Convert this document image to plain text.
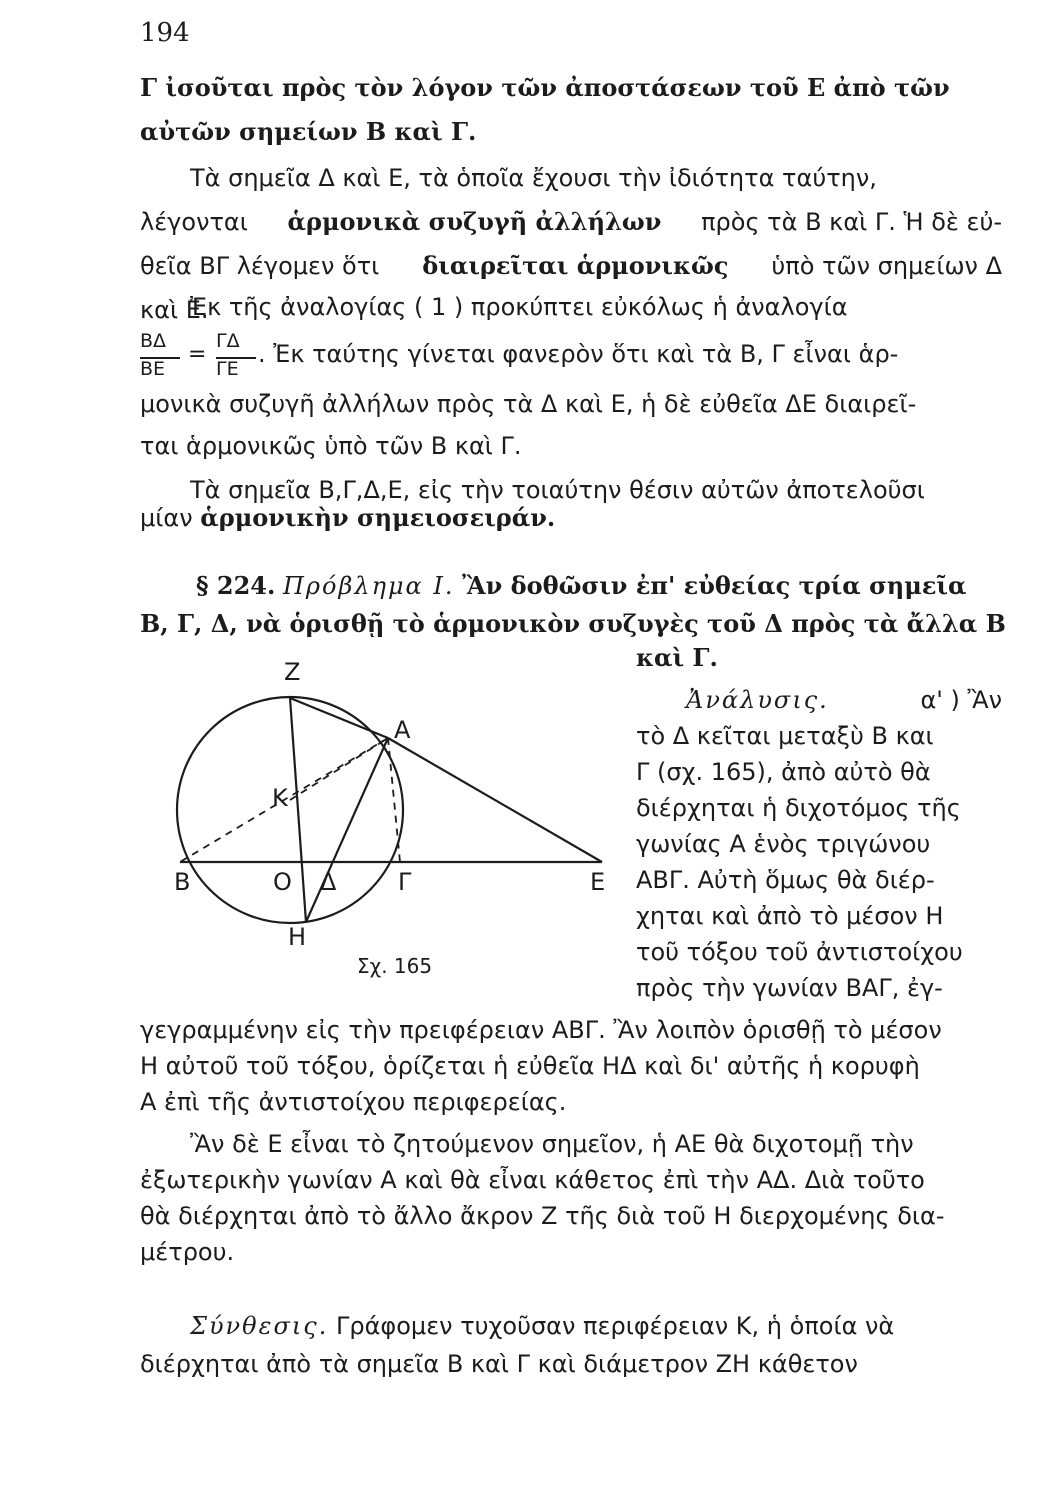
194
Γ ἰσοῦται πρὸς τὸν λόγον τῶν ἀποστάσεων τοῦ Ε ἀπὸ τῶν
αὐτῶν σημείων Β καὶ Γ.
Τὰ σημεῖα Δ καὶ Ε, τὰ ὁποῖα ἔχουσι τὴν ἰδιότητα ταύτην,
λέγονται ἁρμονικὰ συζυγῆ ἀλλήλων πρὸς τὰ Β καὶ Γ. Ἡ δὲ εὐ-
θεῖα ΒΓ λέγομεν ὅτι διαιρεῖται ἁρμονικῶς ὑπὸ τῶν σημείων Δ
καὶ Ε.
Ἐκ τῆς ἀναλογίας ( 1 ) προκύπτει εὐκόλως ἡ ἀναλογία
ΒΔ
ΒΕ
=
ΓΔ
ΓΕ
. Ἐκ ταύτης γίνεται φανερὸν ὅτι καὶ τὰ Β, Γ εἶναι ἁρ-
μονικὰ συζυγῆ ἀλλήλων πρὸς τὰ Δ καὶ Ε, ἡ δὲ εὐθεῖα ΔΕ διαιρεῖ-
ται ἁρμονικῶς ὑπὸ τῶν Β καὶ Γ.
Τὰ σημεῖα Β,Γ,Δ,Ε, εἰς τὴν τοιαύτην θέσιν αὐτῶν ἀποτελοῦσι
μίαν ἁρμονικὴν σημειοσειράν.
§ 224. Πρόβλημα Ι. Ἂν δοθῶσιν ἐπ' εὐθείας τρία σημεῖα
Β, Γ, Δ, νὰ ὁρισθῇ τὸ ἁρμονικὸν συζυγὲς τοῦ Δ πρὸς τὰ ἄλλα Β
καὶ Γ.
Z
A
K
B	O Δ	Γ	E
H
Σχ. 165
Ἀνάλυσις.	α' ) Ἂν
τὸ Δ κεῖται μεταξὺ Β και
Γ (σχ. 165), ἀπὸ αὐτὸ θὰ
διέρχηται ἡ διχοτόμος τῆς
γωνίας Α ἑνὸς τριγώνου
ΑΒΓ. Αὐτὴ ὅμως θὰ διέρ-
χηται καὶ ἀπὸ τὸ μέσον Η
τοῦ τόξου τοῦ ἀντιστοίχου
πρὸς τὴν γωνίαν ΒΑΓ, ἐγ-
γεγραμμένην εἰς τὴν πρειφέρειαν ΑΒΓ. Ἂν λοιπὸν ὁρισθῇ τὸ μέσον
Η αὐτοῦ τοῦ τόξου, ὁρίζεται ἡ εὐθεῖα ΗΔ καὶ δι' αὐτῆς ἡ κορυφὴ
Α ἐπὶ τῆς ἀντιστοίχου περιφερείας.
Ἂν δὲ Ε εἶναι τὸ ζητούμενον σημεῖον, ἡ ΑΕ θὰ διχοτομῇ τὴν
ἐξωτερικὴν γωνίαν Α καὶ θὰ εἶναι κάθετος ἐπὶ τὴν ΑΔ. Διὰ τοῦτο
θὰ διέρχηται ἀπὸ τὸ ἄλλο ἄκρον Ζ τῆς διὰ τοῦ Η διερχομένης δια-
μέτρου.
Σύνθεσις. Γράφομεν τυχοῦσαν περιφέρειαν Κ, ἡ ὁποία νὰ
διέρχηται ἀπὸ τὰ σημεῖα Β καὶ Γ καὶ διάμετρον ΖΗ κάθετον
